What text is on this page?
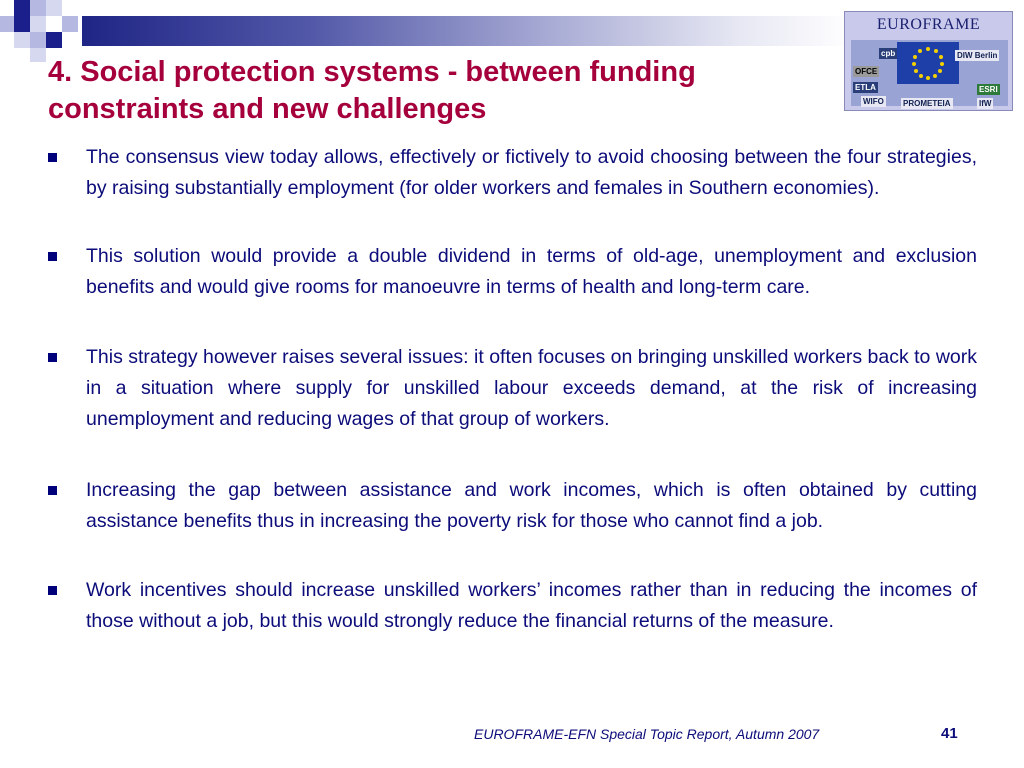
4. Social protection systems - between funding constraints and new challenges
EUROFRAME
cpb	DIW Berlin
OFCE
ETLA
WIFO PROMETEIA
ESRI
IfW

The consensus view today allows, effectively or fictively to avoid choosing between the four strategies, by raising substantially employment (for older workers and females in Southern economies).

This solution would provide a double dividend in terms of old-age, unemployment and exclusion benefits and would give rooms for manoeuvre in terms of health and long-term care.

This strategy however raises several issues: it often focuses on bringing unskilled workers back to work in a situation where supply for unskilled labour exceeds demand, at the risk of increasing unemployment and reducing wages of that group of workers.

Increasing the gap between assistance and work incomes, which is often obtained by cutting assistance benefits thus in increasing the poverty risk for those who cannot find a job.

Work incentives should increase unskilled workers’ incomes rather than in reducing the incomes of those without a job, but this would strongly reduce the financial returns of the measure.

EUROFRAME-EFN Special Topic Report, Autumn 2007	41
